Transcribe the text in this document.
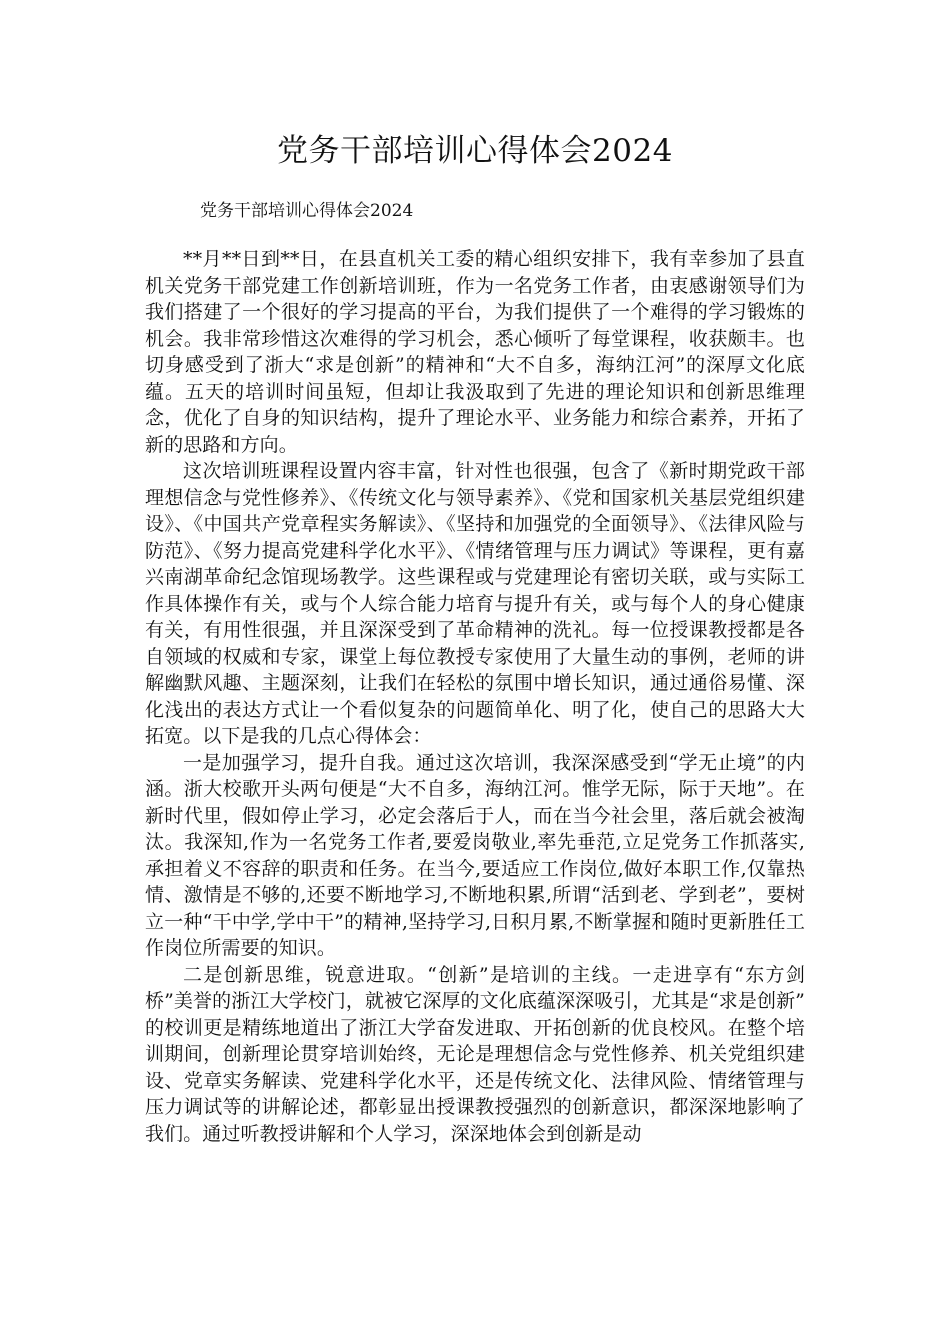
党务干部培训心得体会2024

党务干部培训心得体会2024

**月**日到**日，在县直机关工委的精心组织安排下，我有幸参加了县直机关党务干部党建工作创新培训班，作为一名党务工作者，由衷感谢领导们为我们搭建了一个很好的学习提高的平台，为我们提供了一个难得的学习锻炼的机会。我非常珍惜这次难得的学习机会，悉心倾听了每堂课程，收获颇丰。也切身感受到了浙大“求是创新”的精神和“大不自多，海纳江河”的深厚文化底蕴。五天的培训时间虽短，但却让我汲取到了先进的理论知识和创新思维理念，优化了自身的知识结构，提升了理论水平、业务能力和综合素养，开拓了新的思路和方向。

这次培训班课程设置内容丰富，针对性也很强，包含了《新时期党政干部理想信念与党性修养》、《传统文化与领导素养》、《党和国家机关基层党组织建设》、《中国共产党章程实务解读》、《坚持和加强党的全面领导》、《法律风险与防范》、《努力提高党建科学化水平》、《情绪管理与压力调试》等课程，更有嘉兴南湖革命纪念馆现场教学。这些课程或与党建理论有密切关联，或与实际工作具体操作有关，或与个人综合能力培育与提升有关，或与每个人的身心健康有关，有用性很强，并且深深受到了革命精神的洗礼。每一位授课教授都是各自领域的权威和专家，课堂上每位教授专家使用了大量生动的事例，老师的讲解幽默风趣、主题深刻，让我们在轻松的氛围中增长知识，通过通俗易懂、深化浅出的表达方式让一个看似复杂的问题简单化、明了化，使自己的思路大大拓宽。以下是我的几点心得体会：

一是加强学习，提升自我。通过这次培训，我深深感受到“学无止境”的内涵。浙大校歌开头两句便是“大不自多，海纳江河。惟学无际，际于天地”。在新时代里，假如停止学习，必定会落后于人，而在当今社会里，落后就会被淘汰。我深知,作为一名党务工作者,要爱岗敬业,率先垂范,立足党务工作抓落实,承担着义不容辞的职责和任务。在当今,要适应工作岗位,做好本职工作,仅靠热情、激情是不够的,还要不断地学习,不断地积累,所谓“活到老、学到老”，要树立一种“干中学,学中干”的精神,坚持学习,日积月累,不断掌握和随时更新胜任工作岗位所需要的知识。

二是创新思维，锐意进取。“创新”是培训的主线。一走进享有“东方剑桥”美誉的浙江大学校门，就被它深厚的文化底蕴深深吸引，尤其是“求是创新” 的校训更是精练地道出了浙江大学奋发进取、开拓创新的优良校风。在整个培训期间，创新理论贯穿培训始终，无论是理想信念与党性修养、机关党组织建设、党章实务解读、党建科学化水平，还是传统文化、法律风险、情绪管理与压力调试等的讲解论述，都彰显出授课教授强烈的创新意识，都深深地影响了我们。通过听教授讲解和个人学习，深深地体会到创新是动
